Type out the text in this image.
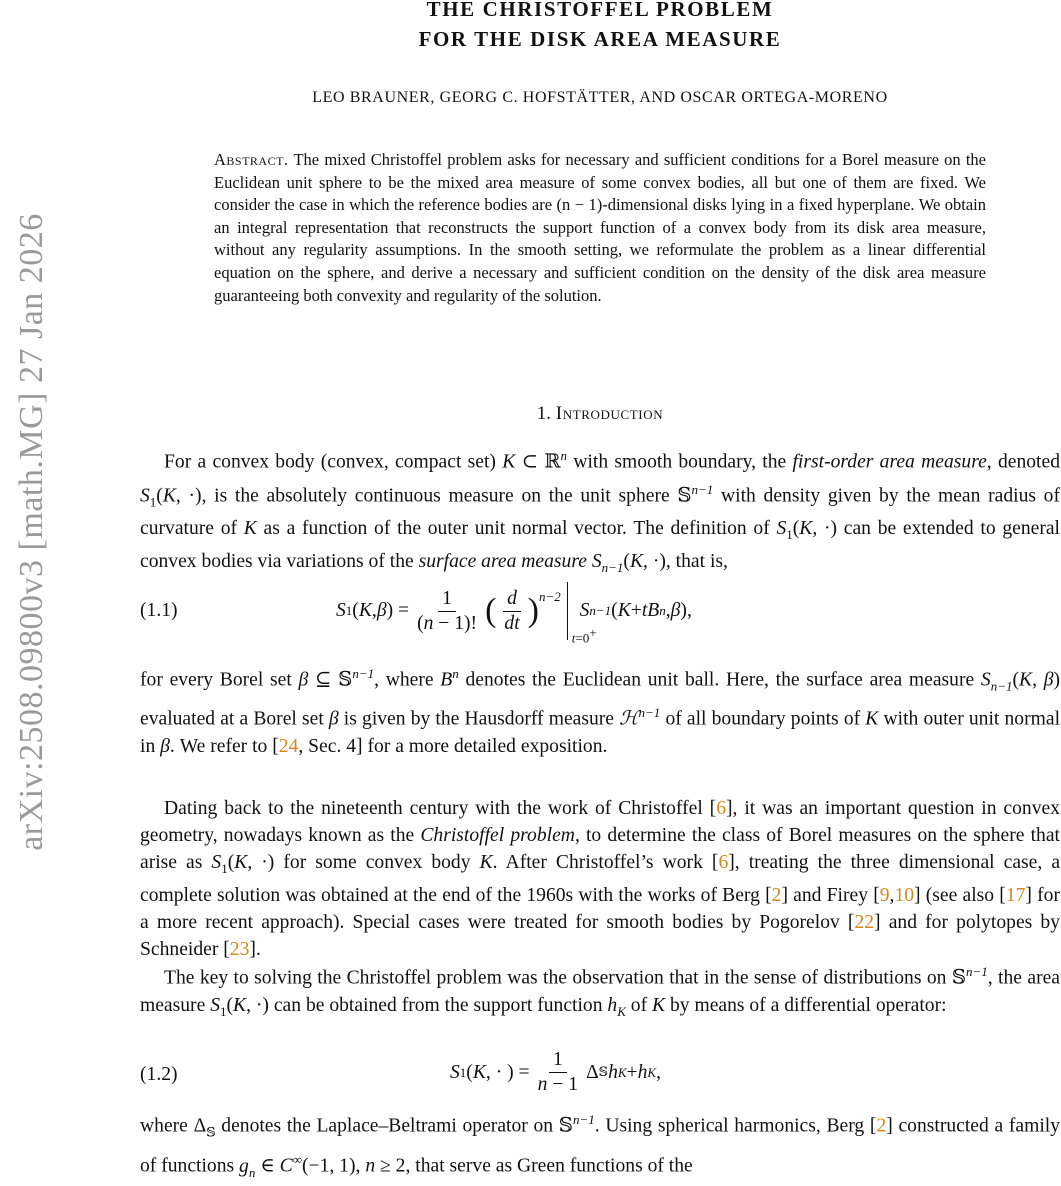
arXiv:2508.09800v3 [math.MG] 27 Jan 2026
THE CHRISTOFFEL PROBLEM
FOR THE DISK AREA MEASURE
LEO BRAUNER, GEORG C. HOFSTÄTTER, AND OSCAR ORTEGA-MORENO
Abstract. The mixed Christoffel problem asks for necessary and sufficient conditions for a Borel measure on the Euclidean unit sphere to be the mixed area measure of some convex bodies, all but one of them are fixed. We consider the case in which the reference bodies are (n − 1)-dimensional disks lying in a fixed hyperplane. We obtain an integral representation that reconstructs the support function of a convex body from its disk area measure, without any regularity assumptions. In the smooth setting, we reformulate the problem as a linear differential equation on the sphere, and derive a necessary and sufficient condition on the density of the disk area measure guaranteeing both convexity and regularity of the solution.
1. Introduction

For a convex body (convex, compact set) K ⊂ ℝ$^n$ with smooth boundary, the first-order area measure, denoted $S_1(K$, ·), is the absolutely continuous measure on the unit sphere 𝕊$^{n-1}$ with density given by the mean radius of curvature of K as a function of the outer unit normal vector. The definition of $S_1(K$, ·) can be extended to general convex bodies via variations of the surface area measure $S_{n-1}(K$, ·), that is,

(1.1)	S 1 ( K , β ) = $\frac{1}{(n - 1)!}$ ( $\frac{d}{dt} )^{n-2}$
t=0+

S n−1 ( K + tB n , β ),

for every Borel set β ⊆ 𝕊$^{n-1}$, where $B^n$ denotes the Euclidean unit ball. Here, the surface area measure $S_{n-1}(K$, β) evaluated at a Borel set β is given by the Hausdorff measure ℋ$^{n-1}$ of all boundary points of K with outer unit normal in β. We refer to [24, Sec. 4] for a more detailed exposition.

Dating back to the nineteenth century with the work of Christoffel [6], it was an important question in convex geometry, nowadays known as the Christoffel problem, to determine the class of Borel measures on the sphere that arise as $S_1(K$, ·) for some convex body K. After Christoffel’s work [6], treating the three dimensional case, a complete solution was obtained at the end of the 1960s with the works of Berg [2] and Firey [9,10] (see also [17] for a more recent approach). Special cases were treated for smooth bodies by Pogorelov [22] and for polytopes by Schneider [23].

The key to solving the Christoffel problem was the observation that in the sense of distributions on 𝕊$^{n-1}$, the area measure $S_1(K$, ·) can be obtained from the support function $h_K$ of K by means of a differential operator:

(1.2)	S 1 ( K , · ) = $\frac{1}{n - 1}$ Δ 𝕊 h K + h K ,

where $\Delta_𝕊$ denotes the Laplace–Beltrami operator on 𝕊$^{n-1}$. Using spherical harmonics, Berg [2] constructed a family of functions $g_n$ ∈ C∞(−1, 1), n ≥ 2, that serve as Green functions of the
